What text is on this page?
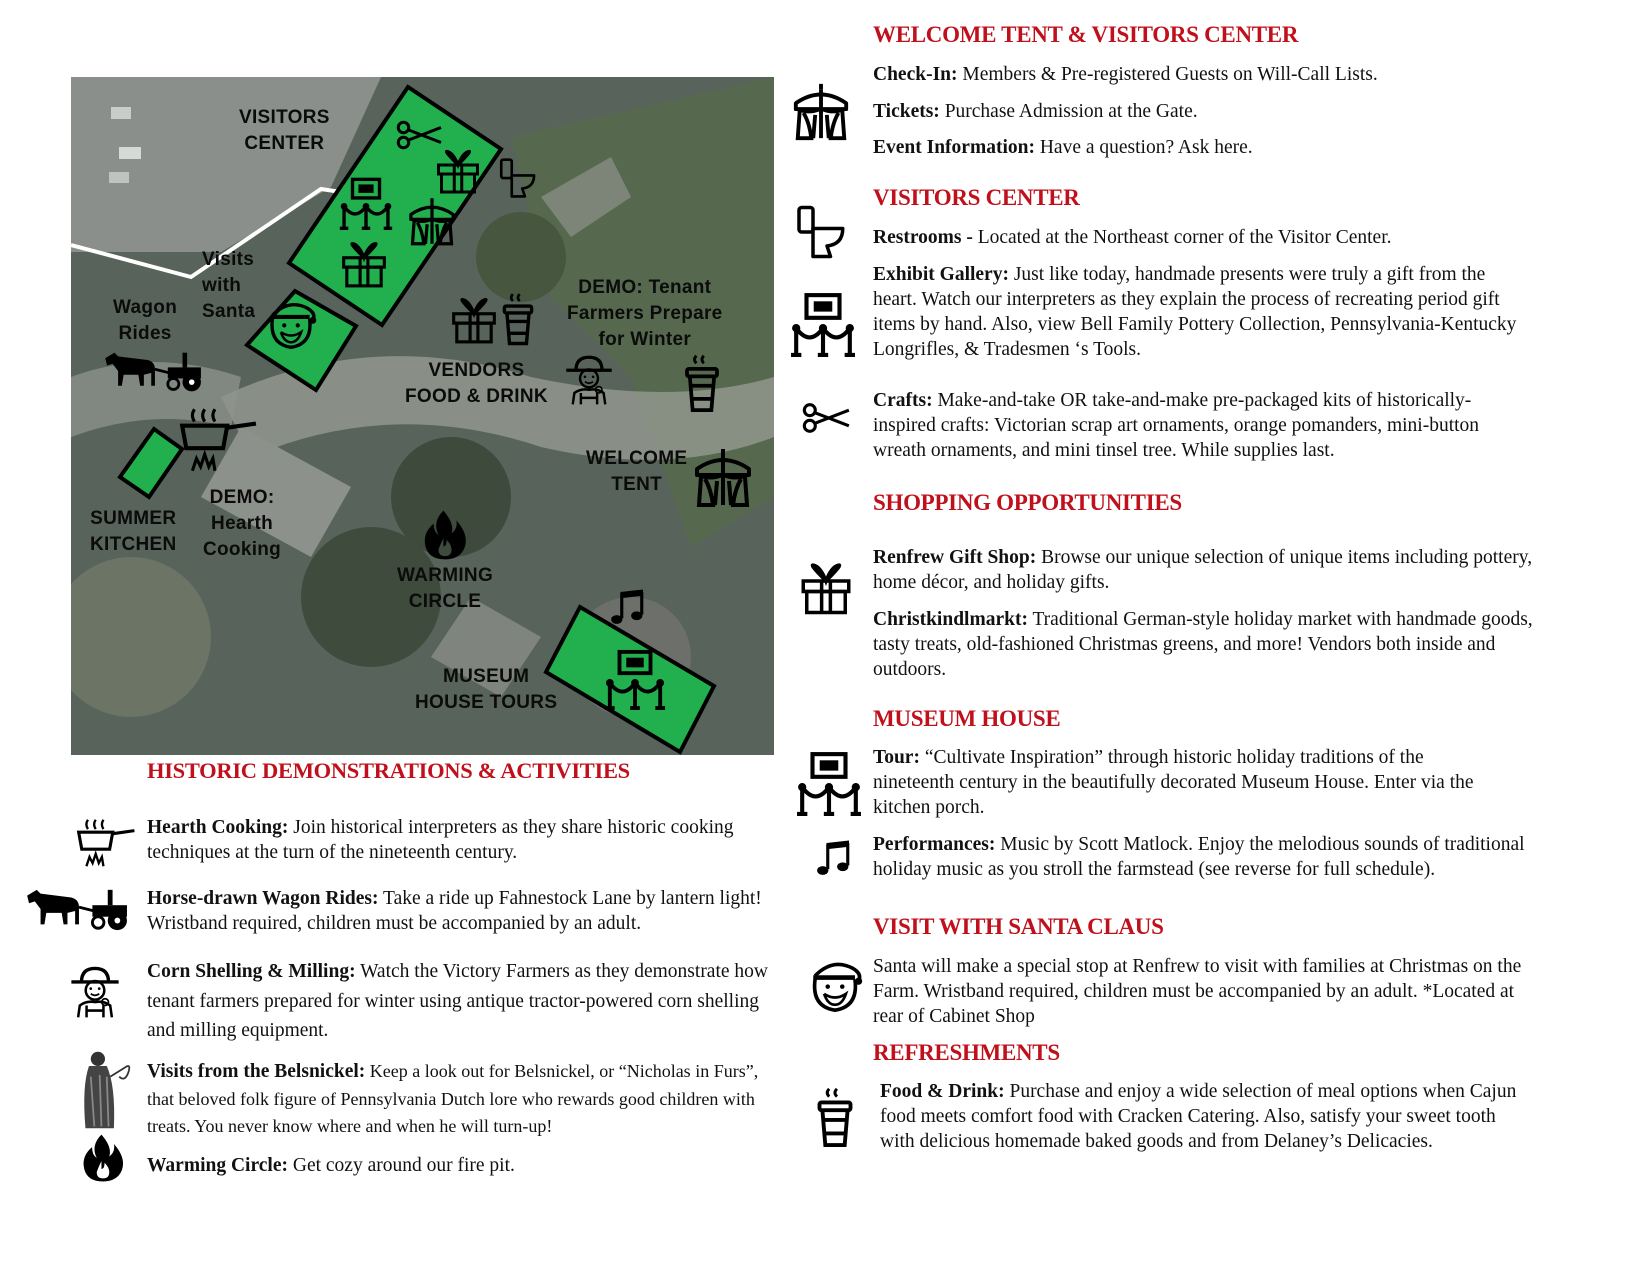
VISITORS
CENTER
Visits
with
Santa
Wagon
Rides
VENDORS
FOOD & DRINK
DEMO: Tenant
Farmers Prepare
for Winter
WELCOME
TENT
SUMMER
KITCHEN
DEMO:
Hearth
Cooking
WARMING
CIRCLE
MUSEUM
HOUSE TOURS
HISTORIC DEMONSTRATIONS & ACTIVITIES
Hearth Cooking: Join historical interpreters as they share historic cooking techniques at the turn of the nineteenth century.
Horse-drawn Wagon Rides: Take a ride up Fahnestock Lane by lantern light! Wristband required, children must be accompanied by an adult.
Corn Shelling & Milling: Watch the Victory Farmers as they demonstrate how tenant farmers prepared for winter using antique tractor-powered corn shelling and milling equipment.
Visits from the Belsnickel: Keep a look out for Belsnickel, or “Nicholas in Furs”, that beloved folk figure of Pennsylvania Dutch lore who rewards good children with treats. You never know where and when he will turn-up!
Warming Circle: Get cozy around our fire pit.
WELCOME TENT & VISITORS CENTER
Check-In: Members & Pre-registered Guests on Will-Call Lists.
Tickets: Purchase Admission at the Gate.
Event Information: Have a question? Ask here.
VISITORS CENTER
Restrooms - Located at the Northeast corner of the Visitor Center.
Exhibit Gallery: Just like today, handmade presents were truly a gift from the heart. Watch our interpreters as they explain the process of recreating period gift items by hand. Also, view Bell Family Pottery Collection, Pennsylvania-Kentucky Longrifles, & Tradesmen ‘s Tools.
Crafts: Make-and-take OR take-and-make pre-packaged kits of historically-inspired crafts: Victorian scrap art ornaments, orange pomanders, mini-button wreath ornaments, and mini tinsel tree. While supplies last.
SHOPPING OPPORTUNITIES
Renfrew Gift Shop: Browse our unique selection of unique items including pottery, home décor, and holiday gifts.
Christkindlmarkt: Traditional German-style holiday market with handmade goods, tasty treats, old-fashioned Christmas greens, and more! Vendors both inside and outdoors.
MUSEUM HOUSE
Tour: “Cultivate Inspiration” through historic holiday traditions of the nineteenth century in the beautifully decorated Museum House. Enter via the kitchen porch.
Performances: Music by Scott Matlock. Enjoy the melodious sounds of traditional holiday music as you stroll the farmstead (see reverse for full schedule).
VISIT WITH SANTA CLAUS
Santa will make a special stop at Renfrew to visit with families at Christmas on the Farm. Wristband required, children must be accompanied by an adult. *Located at rear of Cabinet Shop
REFRESHMENTS
Food & Drink: Purchase and enjoy a wide selection of meal options when Cajun food meets comfort food with Cracken Catering. Also, satisfy your sweet tooth with delicious homemade baked goods and from Delaney’s Delicacies.
